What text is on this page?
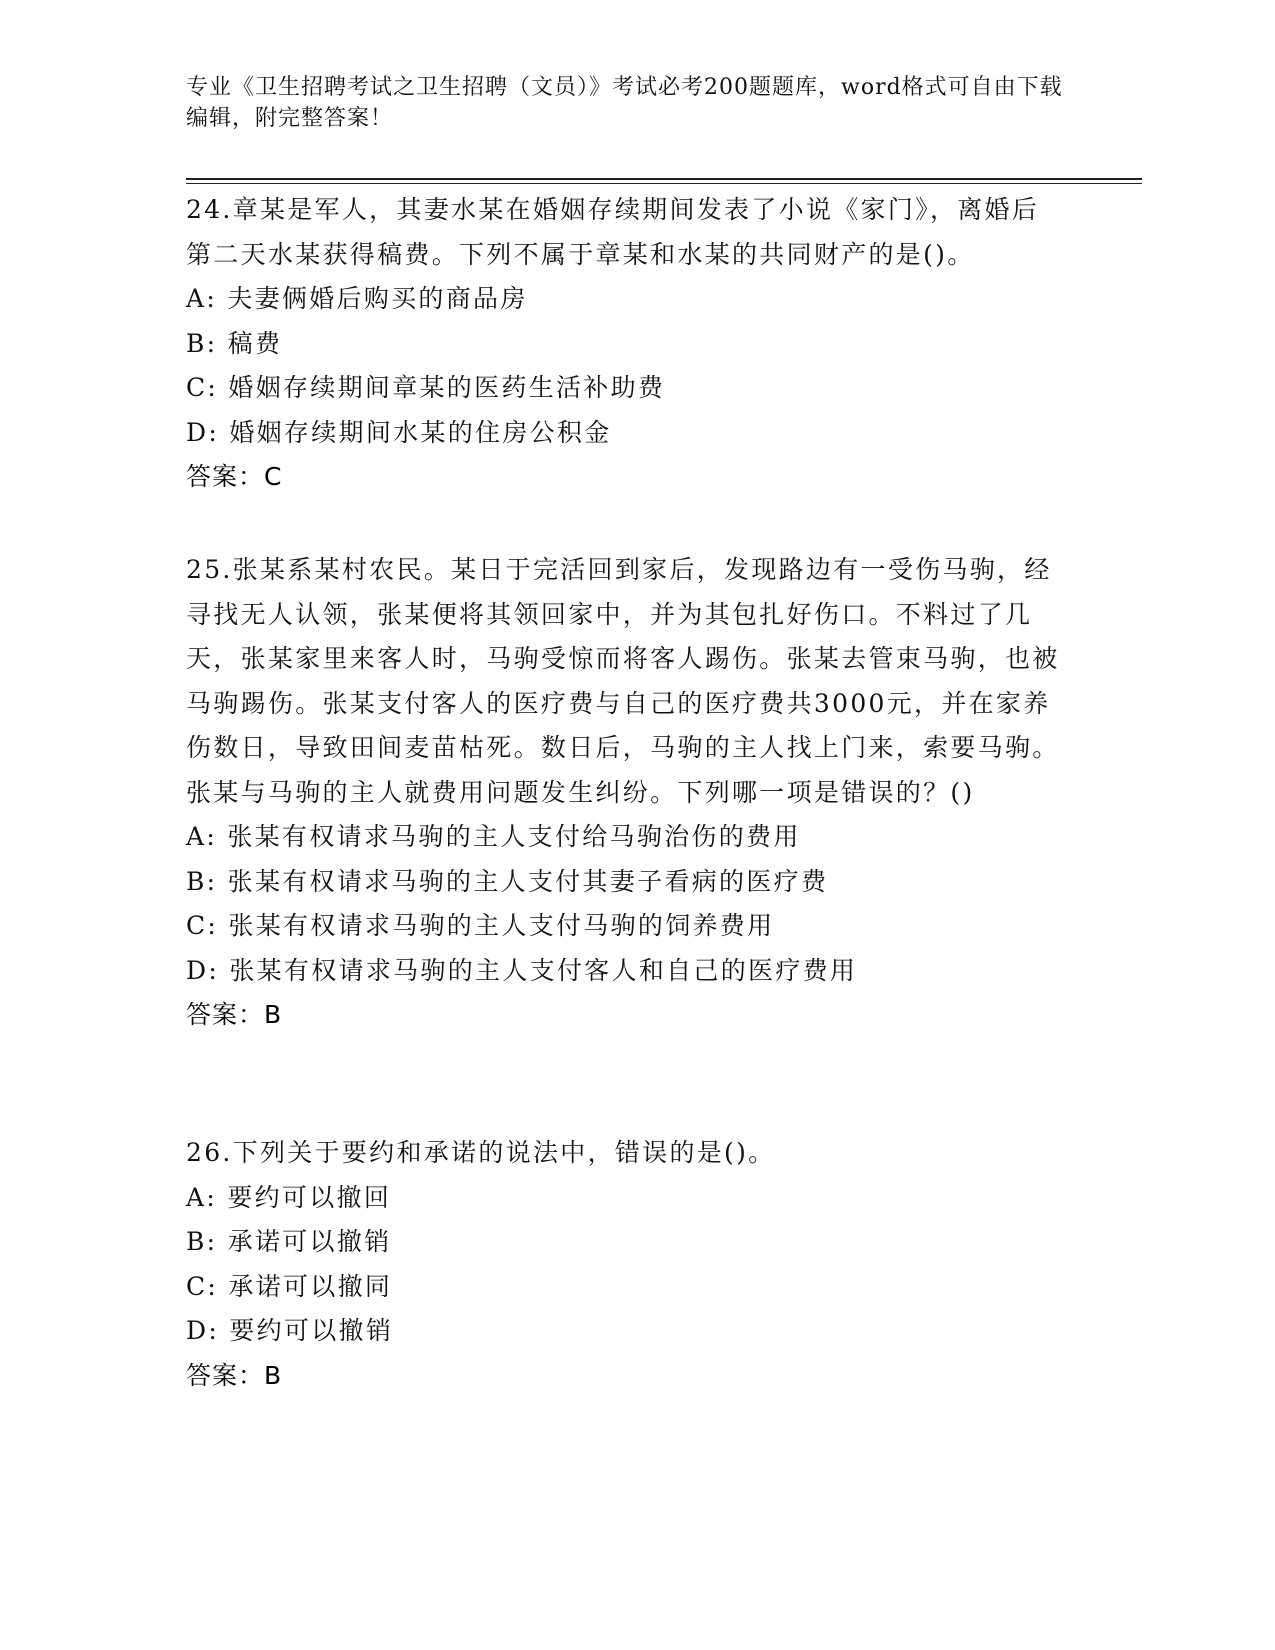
专业《卫生招聘考试之卫生招聘（文员）》考试必考200题题库，word格式可自由下载编辑，附完整答案！

24.章某是军人，其妻水某在婚姻存续期间发表了小说《家门》，离婚后第二天水某获得稿费。下列不属于章某和水某的共同财产的是()。

A: 夫妻俩婚后购买的商品房
B: 稿费
C: 婚姻存续期间章某的医药生活补助费
D: 婚姻存续期间水某的住房公积金
答案：C

25.张某系某村农民。某日于完活回到家后，发现路边有一受伤马驹，经寻找无人认领，张某便将其领回家中，并为其包扎好伤口。不料过了几天，张某家里来客人时，马驹受惊而将客人踢伤。张某去管束马驹，也被马驹踢伤。张某支付客人的医疗费与自己的医疗费共3000元，并在家养伤数日，导致田间麦苗枯死。数日后，马驹的主人找上门来，索要马驹。张某与马驹的主人就费用问题发生纠纷。下列哪一项是错误的？()

A: 张某有权请求马驹的主人支付给马驹治伤的费用
B: 张某有权请求马驹的主人支付其妻子看病的医疗费
C: 张某有权请求马驹的主人支付马驹的饲养费用
D: 张某有权请求马驹的主人支付客人和自己的医疗费用
答案：B

26.下列关于要约和承诺的说法中，错误的是()。

A: 要约可以撤回
B: 承诺可以撤销
C: 承诺可以撤同
D: 要约可以撤销
答案：B
